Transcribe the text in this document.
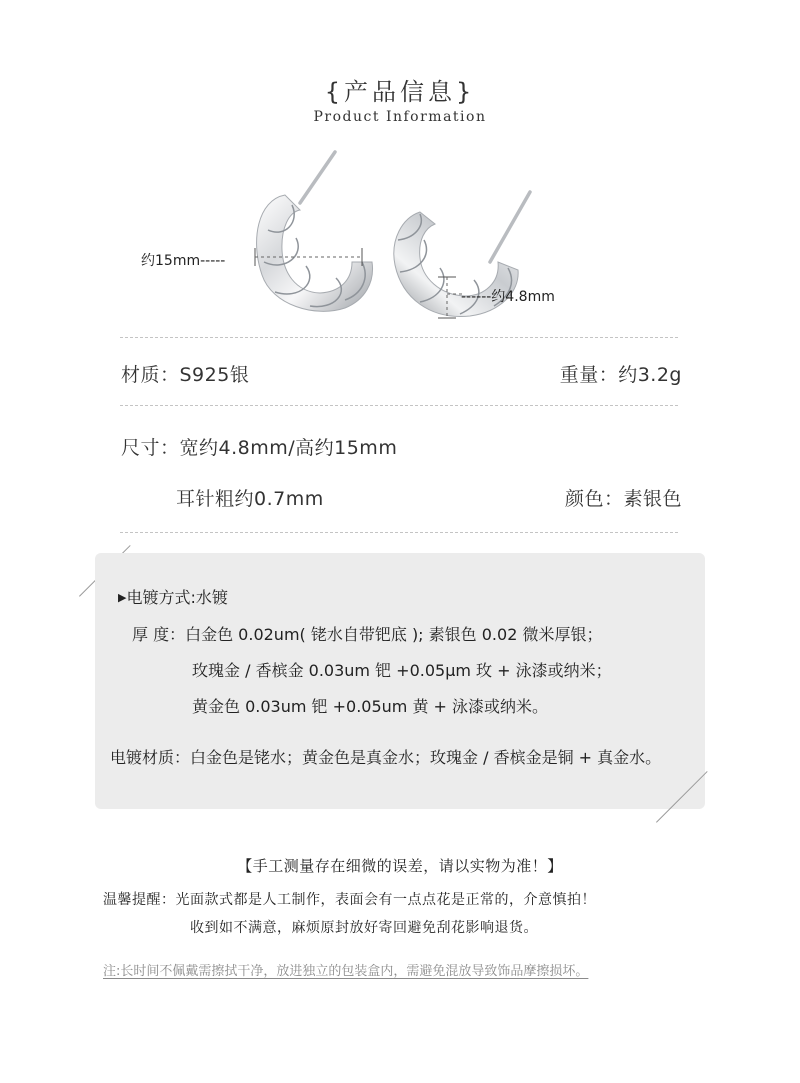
{产品信息}
Product Information
约15mm-----
------约4.8mm
材质：S925银	重量：约3.2g
尺寸：宽约4.8mm/高约15mm
耳针粗约0.7mm	颜色：素银色
▶电镀方式:水镀
厚 度：白金色 0.02um( 铑水自带钯底 ); 素银色 0.02 微米厚银；
玫瑰金 / 香槟金 0.03um 钯 +0.05μm 玫 + 泳漆或纳米；
黄金色 0.03um 钯 +0.05um 黄 + 泳漆或纳米。
电镀材质：白金色是铑水；黄金色是真金水；玫瑰金 / 香槟金是铜 + 真金水。
【手工测量存在细微的误差，请以实物为准！】
温馨提醒：光面款式都是人工制作，表面会有一点点花是正常的，介意慎拍！
收到如不满意，麻烦原封放好寄回避免刮花影响退货。
注:长时间不佩戴需擦拭干净，放进独立的包装盒内，需避免混放导致饰品摩擦损坏。
